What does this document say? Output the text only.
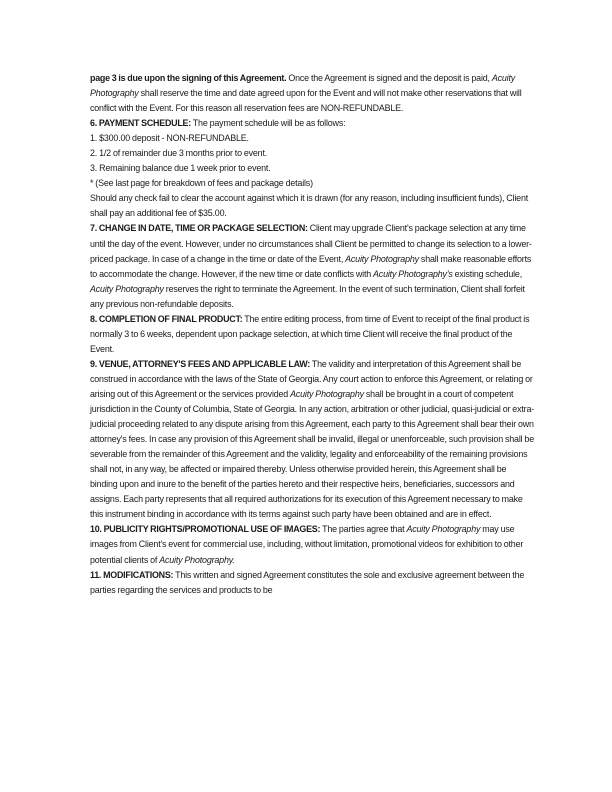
page 3 is due upon the signing of this Agreement. Once the Agreement is signed and the deposit is paid, Acuity Photography shall reserve the time and date agreed upon for the Event and will not make other reservations that will conflict with the Event. For this reason all reservation fees are NON-REFUNDABLE.

6. PAYMENT SCHEDULE: The payment schedule will be as follows:

1. $300.00 deposit - NON-REFUNDABLE.
2. 1/2 of remainder due 3 months prior to event.
3. Remaining balance due 1 week prior to event.
* (See last page for breakdown of fees and package details)

Should any check fail to clear the account against which it is drawn (for any reason, including insufficient funds), Client shall pay an additional fee of $35.00.

7. CHANGE IN DATE, TIME OR PACKAGE SELECTION: Client may upgrade Client's package selection at any time until the day of the event. However, under no circumstances shall Client be permitted to change its selection to a lower-priced package. In case of a change in the time or date of the Event, Acuity Photography shall make reasonable efforts to accommodate the change. However, if the new time or date conflicts with Acuity Photography's existing schedule, Acuity Photography reserves the right to terminate the Agreement. In the event of such termination, Client shall forfeit any previous non-refundable deposits.

8. COMPLETION OF FINAL PRODUCT: The entire editing process, from time of Event to receipt of the final product is normally 3 to 6 weeks, dependent upon package selection, at which time Client will receive the final product of the Event.

9. VENUE, ATTORNEY'S FEES AND APPLICABLE LAW: The validity and interpretation of this Agreement shall be construed in accordance with the laws of the State of Georgia. Any court action to enforce this Agreement, or relating or arising out of this Agreement or the services provided Acuity Photography shall be brought in a court of competent jurisdiction in the County of Columbia, State of Georgia. In any action, arbitration or other judicial, quasi-judicial or extra-judicial proceeding related to any dispute arising from this Agreement, each party to this Agreement shall bear their own attorney's fees. In case any provision of this Agreement shall be invalid, illegal or unenforceable, such provision shall be severable from the remainder of this Agreement and the validity, legality and enforceability of the remaining provisions shall not, in any way, be affected or impaired thereby. Unless otherwise provided herein, this Agreement shall be binding upon and inure to the benefit of the parties hereto and their respective heirs, beneficiaries, successors and assigns. Each party represents that all required authorizations for its execution of this Agreement necessary to make this instrument binding in accordance with its terms against such party have been obtained and are in effect.

10. PUBLICITY RIGHTS/PROMOTIONAL USE OF IMAGES: The parties agree that Acuity Photography may use images from Client's event for commercial use, including, without limitation, promotional videos for exhibition to other potential clients of Acuity Photography.

11. MODIFICATIONS: This written and signed Agreement constitutes the sole and exclusive agreement between the parties regarding the services and products to be
